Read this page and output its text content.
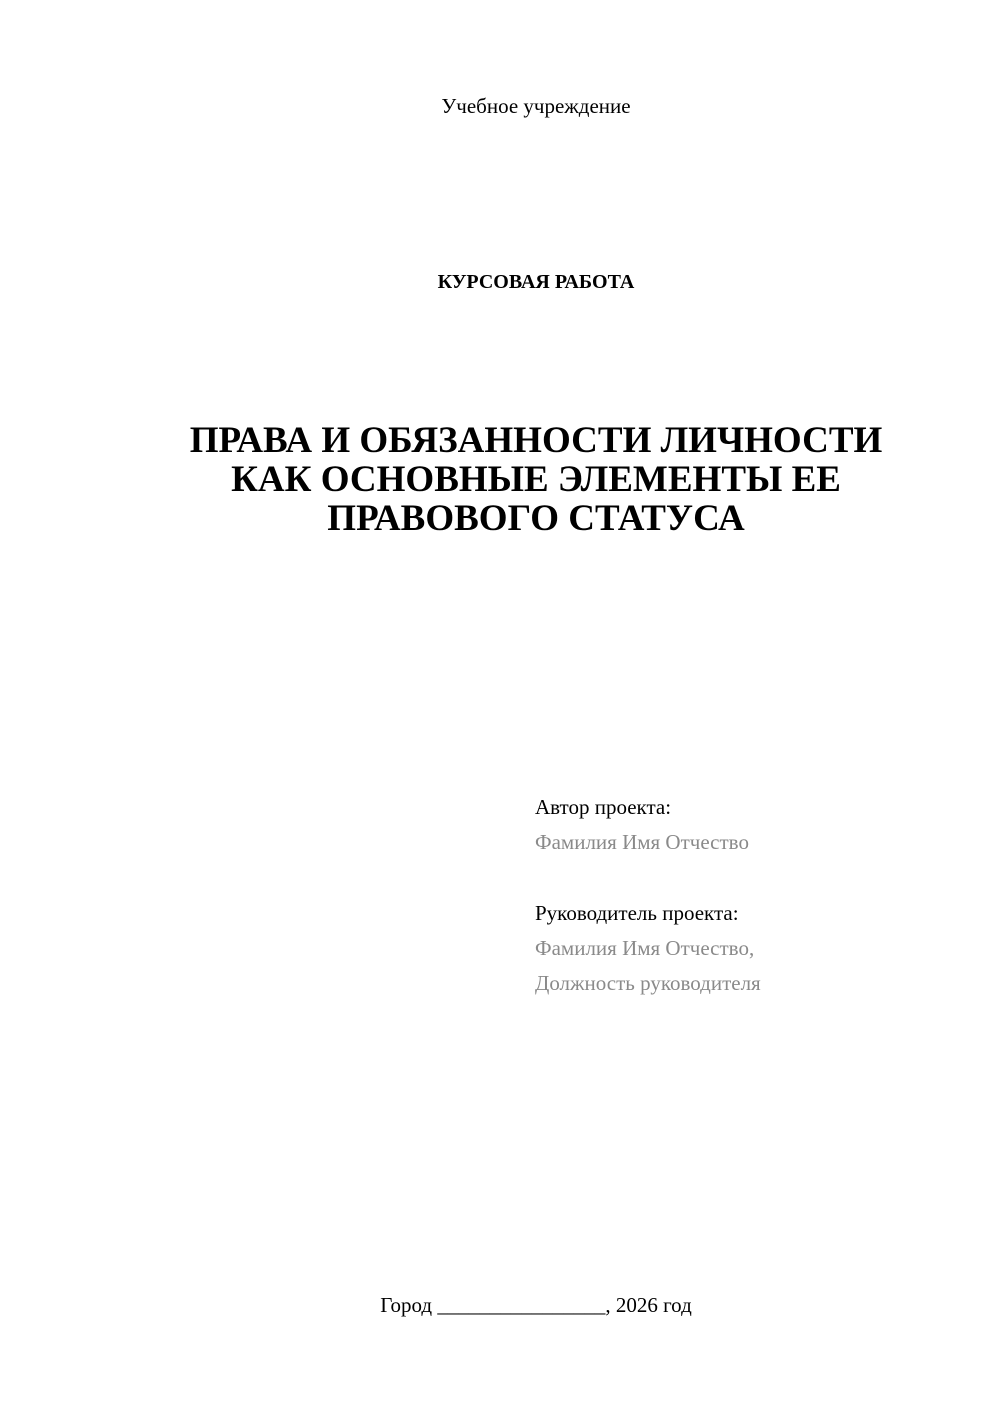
Учебное учреждение
КУРСОВАЯ РАБОТА
ПРАВА И ОБЯЗАННОСТИ ЛИЧНОСТИ
КАК ОСНОВНЫЕ ЭЛЕМЕНТЫ ЕЕ
ПРАВОВОГО СТАТУСА
Автор проекта:
Фамилия Имя Отчество
Руководитель проекта:
Фамилия Имя Отчество,
Должность руководителя
Город ________________, 2026 год
